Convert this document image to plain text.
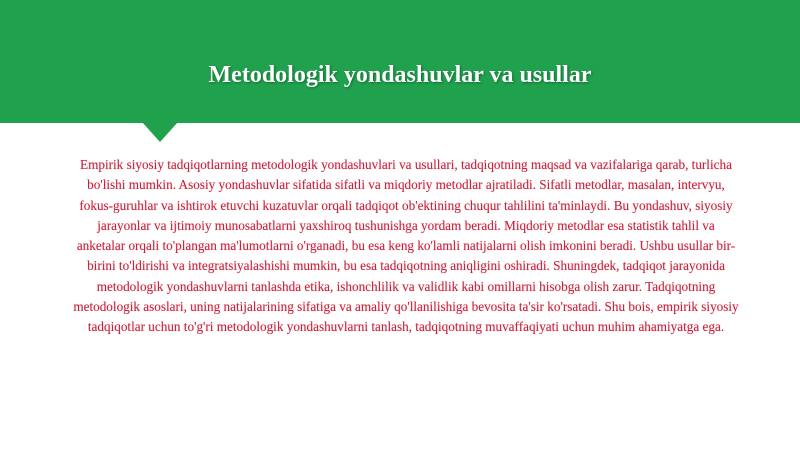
Metodologik yondashuvlar va usullar

Empirik siyosiy tadqiqotlarning metodologik yondashuvlari va usullari, tadqiqotning maqsad va vazifalariga qarab, turlicha bo'lishi mumkin. Asosiy yondashuvlar sifatida sifatli va miqdoriy metodlar ajratiladi. Sifatli metodlar, masalan, intervyu, fokus-guruhlar va ishtirok etuvchi kuzatuvlar orqali tadqiqot ob'ektining chuqur tahlilini ta'minlaydi. Bu yondashuv, siyosiy jarayonlar va ijtimoiy munosabatlarni yaxshiroq tushunishga yordam beradi. Miqdoriy metodlar esa statistik tahlil va anketalar orqali to'plangan ma'lumotlarni o'rganadi, bu esa keng ko'lamli natijalarni olish imkonini beradi. Ushbu usullar bir-birini to'ldirishi va integratsiyalashishi mumkin, bu esa tadqiqotning aniqligini oshiradi. Shuningdek, tadqiqot jarayonida metodologik yondashuvlarni tanlashda etika, ishonchlilik va validlik kabi omillarni hisobga olish zarur. Tadqiqotning metodologik asoslari, uning natijalarining sifatiga va amaliy qo'llanilishiga bevosita ta'sir ko'rsatadi. Shu bois, empirik siyosiy tadqiqotlar uchun to'g'ri metodologik yondashuvlarni tanlash, tadqiqotning muvaffaqiyati uchun muhim ahamiyatga ega.
